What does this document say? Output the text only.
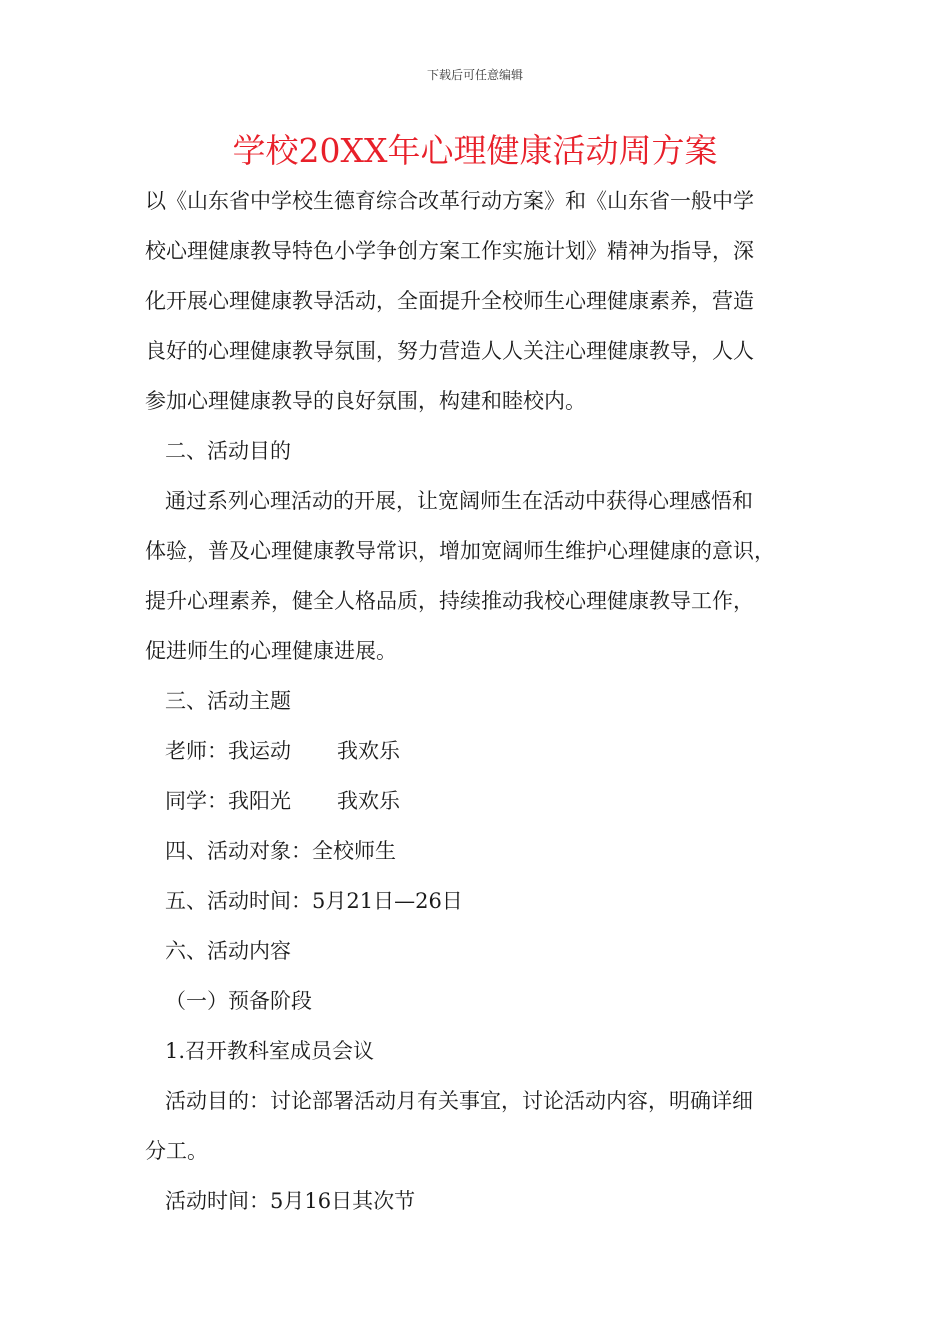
下载后可任意编辑
学校20XX年心理健康活动周方案

以《山东省中学校生德育综合改革行动方案》和《山东省一般中学

校心理健康教导特色小学争创方案工作实施计划》精神为指导，深

化开展心理健康教导活动，全面提升全校师生心理健康素养，营造

良好的心理健康教导氛围，努力营造人人关注心理健康教导，人人

参加心理健康教导的良好氛围，构建和睦校内。

二、活动目的

通过系列心理活动的开展，让宽阔师生在活动中获得心理感悟和

体验，普及心理健康教导常识，增加宽阔师生维护心理健康的意识，

提升心理素养，健全人格品质，持续推动我校心理健康教导工作，

促进师生的心理健康进展。

三、活动主题

老师：我运动 我欢乐

同学：我阳光 我欢乐

四、活动对象：全校师生

五、活动时间：5月21日—26日

六、活动内容

（一）预备阶段

1.召开教科室成员会议

活动目的：讨论部署活动月有关事宜，讨论活动内容，明确详细

分工。

活动时间：5月16日其次节
